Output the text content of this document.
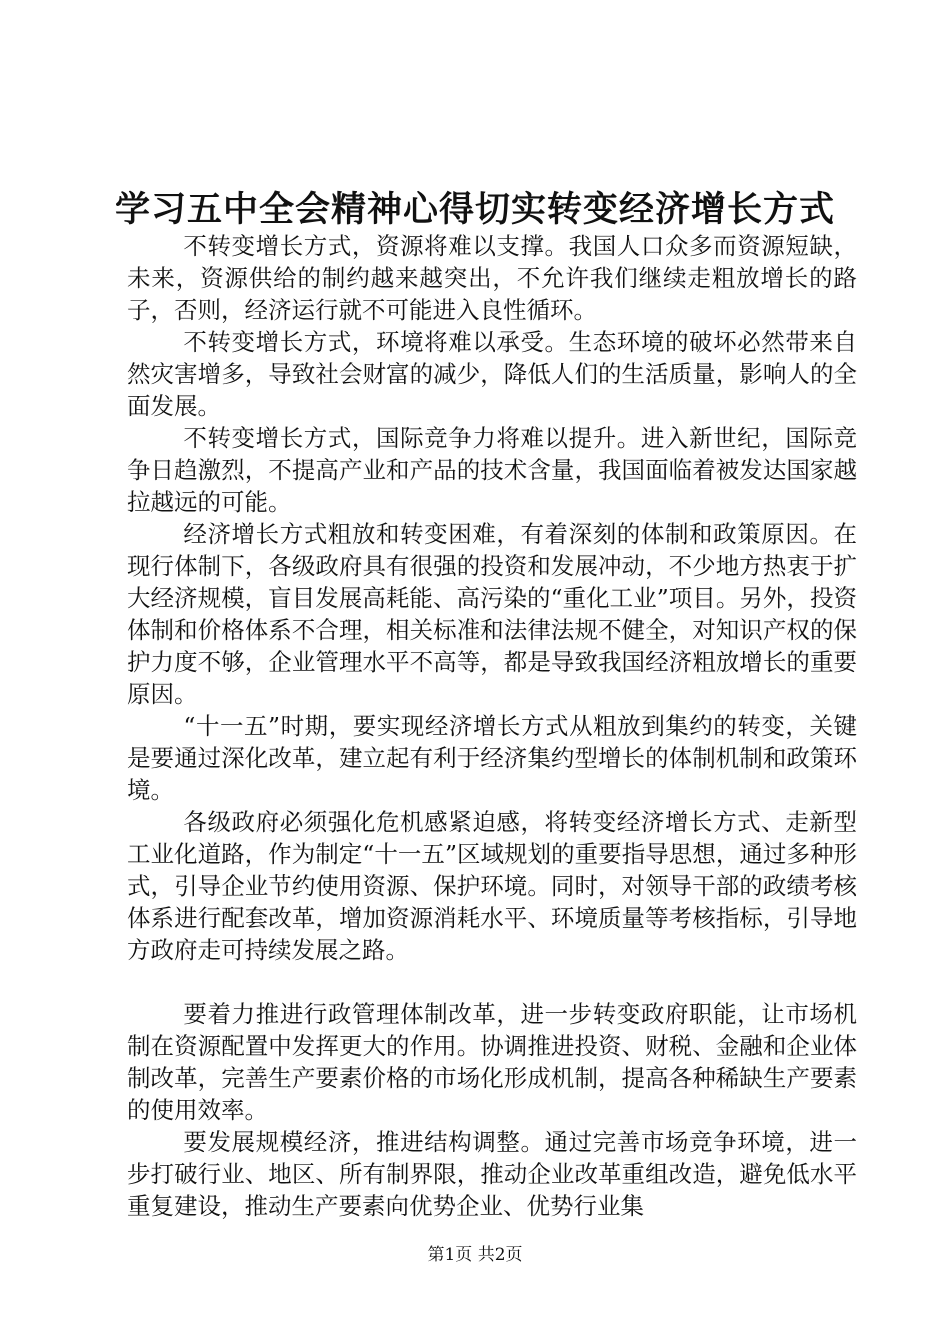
学习五中全会精神心得切实转变经济增长方式

不转变增长方式，资源将难以支撑。我国人口众多而资源短缺，未来，资源供给的制约越来越突出，不允许我们继续走粗放增长的路子，否则，经济运行就不可能进入良性循环。

不转变增长方式，环境将难以承受。生态环境的破坏必然带来自然灾害增多，导致社会财富的减少，降低人们的生活质量，影响人的全面发展。

不转变增长方式，国际竞争力将难以提升。进入新世纪，国际竞争日趋激烈，不提高产业和产品的技术含量，我国面临着被发达国家越拉越远的可能。

经济增长方式粗放和转变困难，有着深刻的体制和政策原因。在现行体制下，各级政府具有很强的投资和发展冲动，不少地方热衷于扩大经济规模，盲目发展高耗能、高污染的“重化工业”项目。另外，投资体制和价格体系不合理，相关标准和法律法规不健全，对知识产权的保护力度不够，企业管理水平不高等，都是导致我国经济粗放增长的重要原因。

“十一五”时期，要实现经济增长方式从粗放到集约的转变，关键是要通过深化改革，建立起有利于经济集约型增长的体制机制和政策环境。

各级政府必须强化危机感紧迫感，将转变经济增长方式、走新型工业化道路，作为制定“十一五”区域规划的重要指导思想，通过多种形式，引导企业节约使用资源、保护环境。同时，对领导干部的政绩考核体系进行配套改革，增加资源消耗水平、环境质量等考核指标，引导地方政府走可持续发展之路。

要着力推进行政管理体制改革，进一步转变政府职能，让市场机制在资源配置中发挥更大的作用。协调推进投资、财税、金融和企业体制改革，完善生产要素价格的市场化形成机制，提高各种稀缺生产要素的使用效率。

要发展规模经济，推进结构调整。通过完善市场竞争环境，进一步打破行业、地区、所有制界限，推动企业改革重组改造，避免低水平重复建设，推动生产要素向优势企业、优势行业集

第1页 共2页
